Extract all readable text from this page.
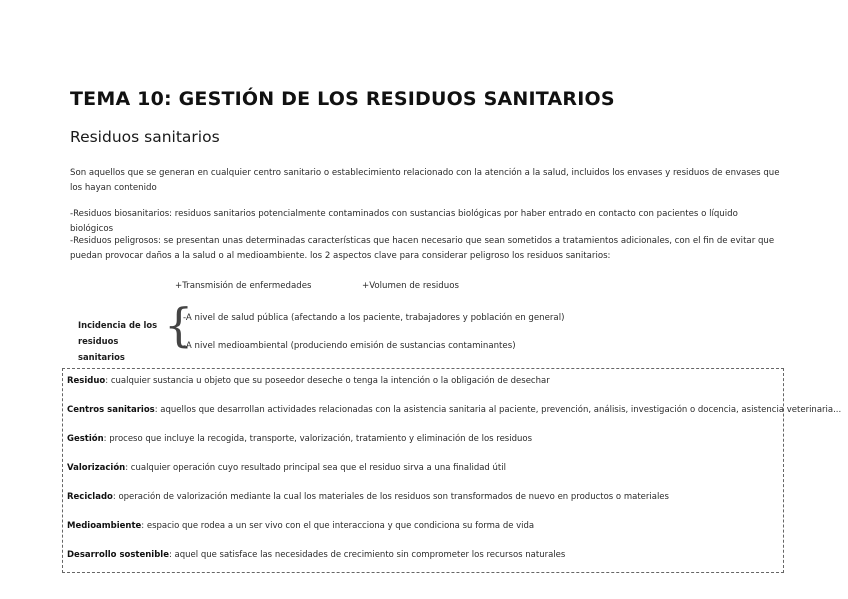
TEMA 10: GESTIÓN DE LOS RESIDUOS SANITARIOS
Residuos sanitarios

Son aquellos que se generan en cualquier centro sanitario o establecimiento relacionado con la atención a la salud, incluidos los envases y residuos de envases que los hayan contenido

-Residuos biosanitarios: residuos sanitarios potencialmente contaminados con sustancias biológicas por haber entrado en contacto con pacientes o líquido biológicos

-Residuos peligrosos: se presentan unas determinadas características que hacen necesario que sean sometidos a tratamientos adicionales, con el fin de evitar que puedan provocar daños a la salud o al medioambiente. los 2 aspectos clave para considerar peligroso los residuos sanitarios:

+Transmisión de enfermedades	+Volumen de residuos
Incidencia de los residuos sanitarios
{
-A nivel de salud pública (afectando a los paciente, trabajadores y población en general)
-A nivel medioambiental (produciendo emisión de sustancias contaminantes)
Residuo: cualquier sustancia u objeto que su poseedor deseche o tenga la intención o la obligación de desechar
Centros sanitarios: aquellos que desarrollan actividades relacionadas con la asistencia sanitaria al paciente, prevención, análisis, investigación o docencia, asistencia veterinaria...
Gestión: proceso que incluye la recogida, transporte, valorización, tratamiento y eliminación de los residuos
Valorización: cualquier operación cuyo resultado principal sea que el residuo sirva a una finalidad útil
Reciclado: operación de valorización mediante la cual los materiales de los residuos son transformados de nuevo en productos o materiales
Medioambiente: espacio que rodea a un ser vivo con el que interacciona y que condiciona su forma de vida
Desarrollo sostenible: aquel que satisface las necesidades de crecimiento sin comprometer los recursos naturales
